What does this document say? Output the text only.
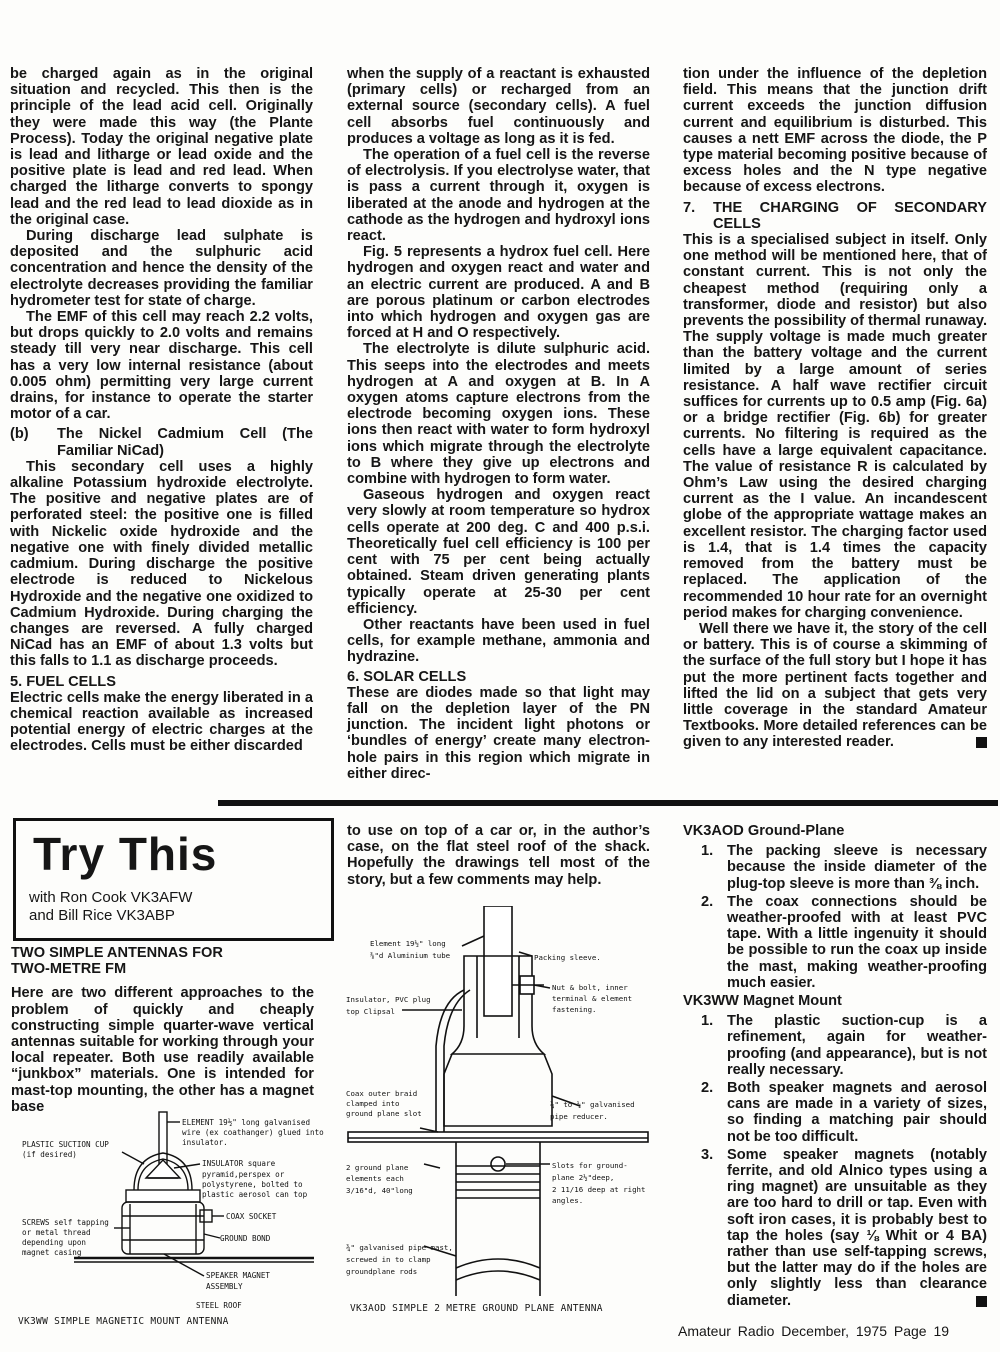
be charged again as in the original situation and recycled. This then is the principle of the lead acid cell. Originally they were made this way (the Plante Process). Today the original negative plate is lead and litharge or lead oxide and the positive plate is lead and red lead. When charged the litharge converts to spongy lead and the red lead to lead dioxide as in the original case.

During discharge lead sulphate is deposited and the sulphuric acid concentration and hence the density of the electrolyte decreases providing the familiar hydrometer test for state of charge.

The EMF of this cell may reach 2.2 volts, but drops quickly to 2.0 volts and remains steady till very near discharge. This cell has a very low internal resistance (about 0.005 ohm) permitting very large current drains, for instance to operate the starter motor of a car.

(b)	The Nickel Cadmium Cell (The Familiar NiCad)

This secondary cell uses a highly alkaline Potassium hydroxide electrolyte. The positive and negative plates are of perforated steel: the positive one is filled with Nickelic oxide hydroxide and the negative one with finely divided metallic cadmium. During discharge the positive electrode is reduced to Nickelous Hydroxide and the negative one oxidized to Cadmium Hydroxide. During charging the changes are reversed. A fully charged NiCad has an EMF of about 1.3 volts but this falls to 1.1 as discharge proceeds.

5. FUEL CELLS

Electric cells make the energy liberated in a chemical reaction available as increased potential energy of electric charges at the electrodes. Cells must be either discarded

when the supply of a reactant is exhausted (primary cells) or recharged from an external source (secondary cells). A fuel cell absorbs fuel continuously and produces a voltage as long as it is fed.

The operation of a fuel cell is the reverse of electrolysis. If you electrolyse water, that is pass a current through it, oxygen is liberated at the anode and hydrogen at the cathode as the hydrogen and hydroxyl ions react.

Fig. 5 represents a hydrox fuel cell. Here hydrogen and oxygen react and water and an electric current are produced. A and B are porous platinum or carbon electrodes into which hydrogen and oxygen gas are forced at H and O respectively.

The electrolyte is dilute sulphuric acid. This seeps into the electrodes and meets hydrogen at A and oxygen at B. In A oxygen atoms capture electrons from the electrode becoming oxygen ions. These ions then react with water to form hydroxyl ions which migrate through the electrolyte to B where they give up electrons and combine with hydrogen to form water.

Gaseous hydrogen and oxygen react very slowly at room temperature so hydrox cells operate at 200 deg. C and 400 p.s.i. Theoretically fuel cell efficiency is 100 per cent with 75 per cent being actually obtained. Steam driven generating plants typically operate at 25-30 per cent efficiency.

Other reactants have been used in fuel cells, for example methane, ammonia and hydrazine.

6. SOLAR CELLS

These are diodes made so that light may fall on the depletion layer of the PN junction. The incident light photons or ‘bundles of energy’ create many electron-hole pairs in this region which migrate in either direc-

tion under the influence of the depletion field. This means that the junction drift current exceeds the junction diffusion current and equilibrium is disturbed. This causes a nett EMF across the diode, the P type material becoming positive because of excess holes and the N type negative because of excess electrons.

7.	THE CHARGING OF SECONDARY CELLS

This is a specialised subject in itself. Only one method will be mentioned here, that of constant current. This is not only the cheapest method (requiring only a transformer, diode and resistor) but also prevents the possibility of thermal runaway. The supply voltage is made much greater than the battery voltage and the current limited by a large amount of series resistance. A half wave rectifier circuit suffices for currents up to 0.5 amp (Fig. 6a) or a bridge rectifier (Fig. 6b) for greater currents. No filtering is required as the cells have a large equivalent capacitance. The value of resistance R is calculated by Ohm’s Law using the desired charging current as the I value. An incandescent globe of the appropriate wattage makes an excellent resistor. The charging factor used is 1.4, that is 1.4 times the capacity removed from the battery must be replaced. The application of the recommended 10 hour rate for an overnight period makes for charging convenience.

Well there we have it, the story of the cell or battery. This is of course a skimming of the surface of the full story but I hope it has put the more pertinent facts together and lifted the lid on a subject that gets very little coverage in the standard Amateur Textbooks. More detailed references can be given to any interested reader.

Try This
with Ron Cook VK3AFW
and Bill Rice VK3ABP
TWO SIMPLE ANTENNAS FOR TWO-METRE FM

Here are two different approaches to the problem of quickly and cheaply constructing simple quarter-wave vertical antennas suitable for working through your local repeater. Both use readily available “junkbox” materials. One is intended for mast-top mounting, the other has a magnet base

to use on top of a car or, in the author’s case, on the flat steel roof of the shack. Hopefully the drawings tell most of the story, but a few comments may help.

VK3AOD Ground-Plane
1. The packing sleeve is necessary because the inside diameter of the plug-top sleeve is more than ⅜ inch.
2. The coax connections should be weather-proofed with at least PVC tape. With a little ingenuity it should be possible to run the coax up inside the mast, making weather-proofing much easier.
VK3WW Magnet Mount
1. The plastic suction-cup is a refinement, again for weather-proofing (and appearance), but is not really necessary.
2. Both speaker magnets and aerosol cans are made in a variety of sizes, so finding a matching pair should not be too difficult.
3. Some speaker magnets (notably ferrite, and old Alnico types using a ring magnet) are unsuitable as they are too hard to drill or tap. Even with soft iron cases, it is probably best to tap the holes (say ⅛ Whit or 4 BA) rather than use self-tapping screws, but the latter may do if the holes are only slightly less than clearance diameter.
ELEMENT 19½" long galvanised
wire (ex coathanger) glued into
insulator.
PLASTIC SUCTION CUP
(if desired)
INSULATOR square
pyramid,perspex or
polystyrene, bolted to
plastic aerosol can top
COAX SOCKET
SCREWS self tapping
or metal thread
depending upon
magnet casing
GROUND BOND
SPEAKER MAGNET
ASSEMBLY
STEEL ROOF
VK3WW SIMPLE MAGNETIC MOUNT ANTENNA
Element 19½" long
⅜"d Aluminium tube	Packing sleeve.
Nut & bolt, inner
terminal & element
fastening.
Insulator, PVC plug
top Clipsal
Coax outer braid
clamped into
ground plane slot
¾" to ½" galvanised
pipe reducer.
2 ground plane
elements each
3/16"d, 40"long
Slots for ground-
plane 2½"deep,
2 11/16 deep at right
angles.
¾" galvanised pipe mast,
screwed in to clamp
groundplane rods
VK3AOD SIMPLE 2 METRE GROUND PLANE ANTENNA
Amateur Radio December, 1975 Page 19
